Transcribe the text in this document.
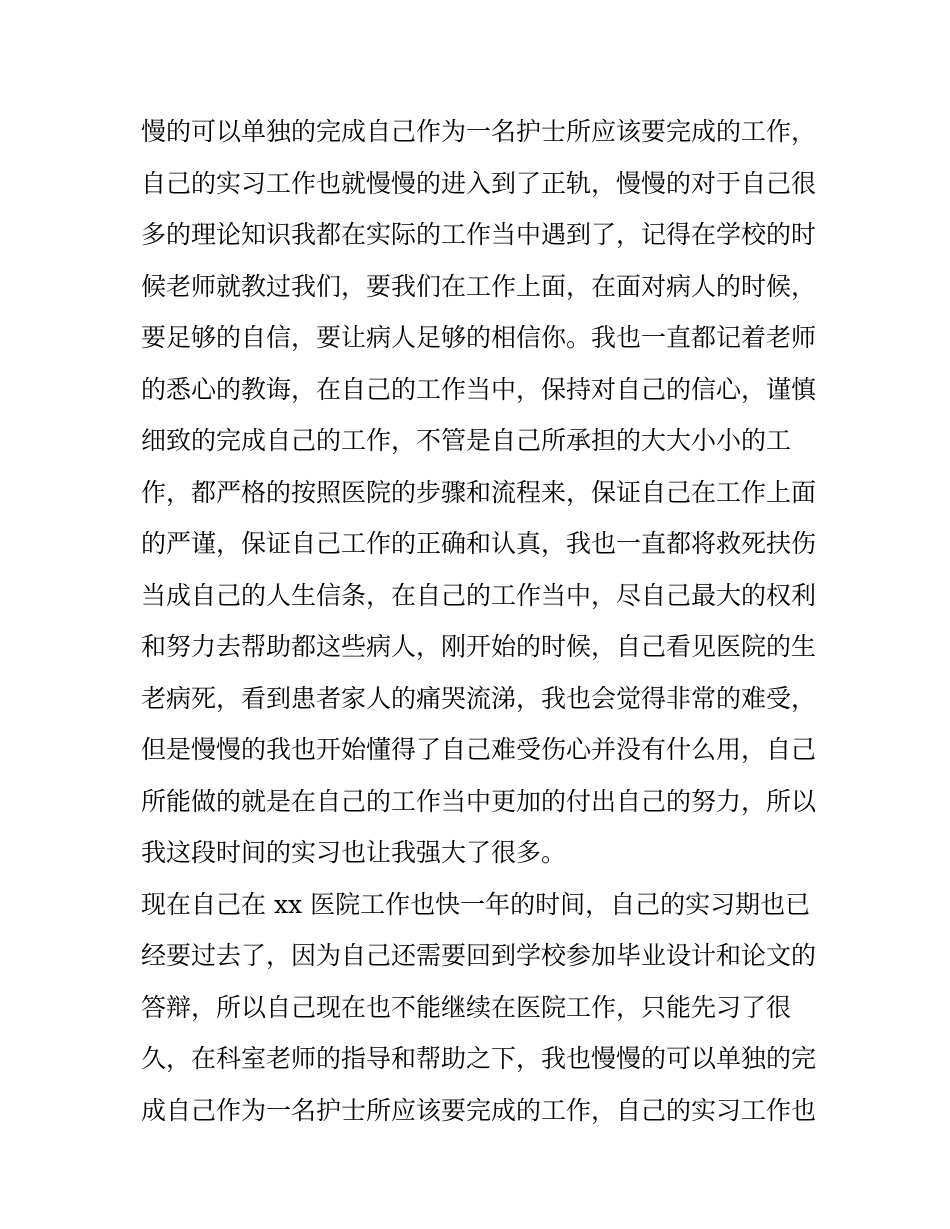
慢的可以单独的完成自己作为一名护士所应该要完成的工作，
自己的实习工作也就慢慢的进入到了正轨，慢慢的对于自己很
多的理论知识我都在实际的工作当中遇到了，记得在学校的时
候老师就教过我们，要我们在工作上面，在面对病人的时候，
要足够的自信，要让病人足够的相信你。我也一直都记着老师
的悉心的教诲，在自己的工作当中，保持对自己的信心，谨慎
细致的完成自己的工作，不管是自己所承担的大大小小的工
作，都严格的按照医院的步骤和流程来，保证自己在工作上面
的严谨，保证自己工作的正确和认真，我也一直都将救死扶伤
当成自己的人生信条，在自己的工作当中，尽自己最大的权利
和努力去帮助都这些病人，刚开始的时候，自己看见医院的生
老病死，看到患者家人的痛哭流涕，我也会觉得非常的难受，
但是慢慢的我也开始懂得了自己难受伤心并没有什么用，自己
所能做的就是在自己的工作当中更加的付出自己的努力，所以
我这段时间的实习也让我强大了很多。
现在自己在 xx 医院工作也快一年的时间，自己的实习期也已
经要过去了，因为自己还需要回到学校参加毕业设计和论文的
答辩，所以自己现在也不能继续在医院工作，只能先习了很
久，在科室老师的指导和帮助之下，我也慢慢的可以单独的完
成自己作为一名护士所应该要完成的工作，自己的实习工作也
